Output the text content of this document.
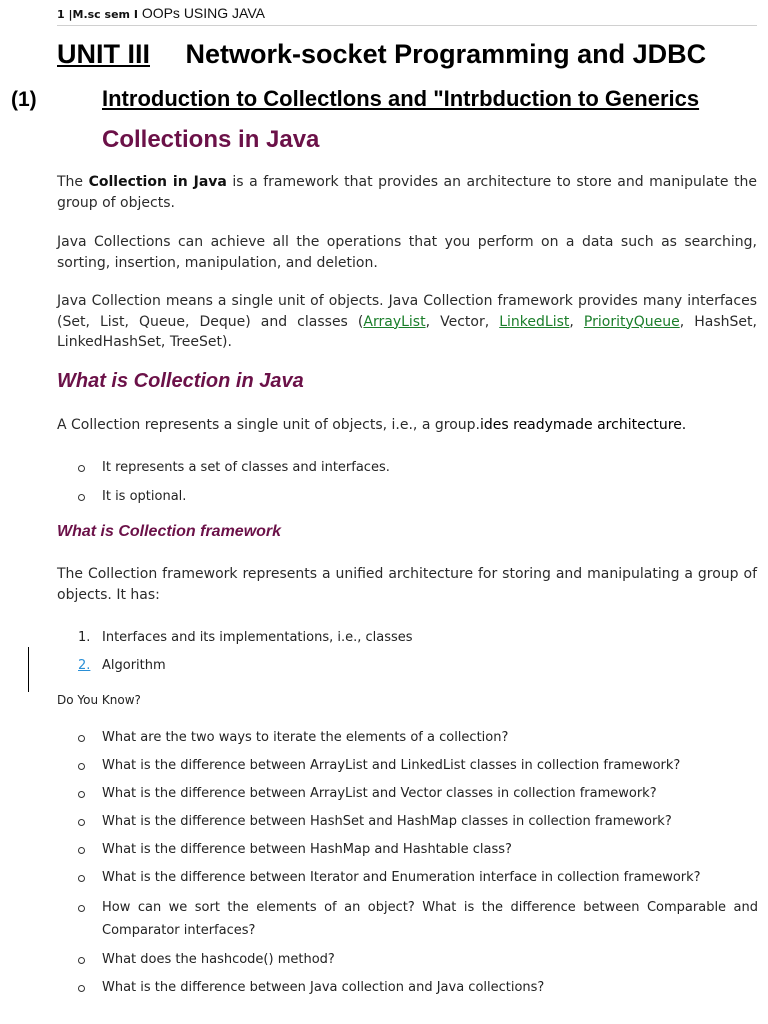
1 |M.sc sem I OOPs USING JAVA
UNIT III Network-socket Programming and JDBC
(1)	Introduction to Collectlons and "Intrbduction to Generics
Collections in Java
The Collection in Java is a framework that provides an architecture to store and manipulate the group of objects.
Java Collections can achieve all the operations that you perform on a data such as searching, sorting, insertion, manipulation, and deletion.
Java Collection means a single unit of objects. Java Collection framework provides many interfaces (Set, List, Queue, Deque) and classes (ArrayList, Vector, LinkedList, PriorityQueue, HashSet, LinkedHashSet, TreeSet).
What is Collection in Java
A Collection represents a single unit of objects, i.e., a group.ides readymade architecture.
It represents a set of classes and interfaces.
It is optional.
What is Collection framework
The Collection framework represents a unified architecture for storing and manipulating a group of objects. It has:
1. Interfaces and its implementations, i.e., classes
2. Algorithm
Do You Know?
What are the two ways to iterate the elements of a collection?
What is the difference between ArrayList and LinkedList classes in collection framework?
What is the difference between ArrayList and Vector classes in collection framework?
What is the difference between HashSet and HashMap classes in collection framework?
What is the difference between HashMap and Hashtable class?
What is the difference between Iterator and Enumeration interface in collection framework?
How can we sort the elements of an object? What is the difference between Comparable and Comparator interfaces?
What does the hashcode() method?
What is the difference between Java collection and Java collections?
